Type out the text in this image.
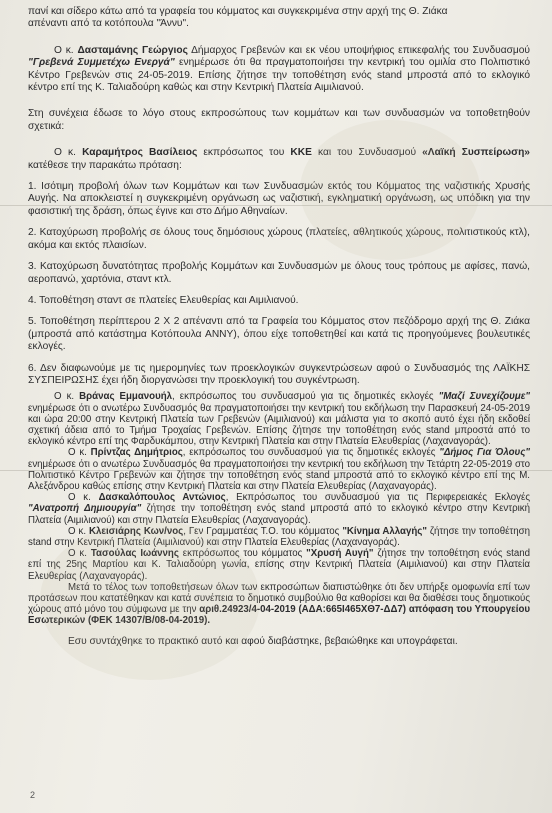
πανί και σίδερο κάτω από τα γραφεία του κόμματος και συγκεκριμένα στην αρχή της Θ. Ζιάκα

απέναντι από τα κοτόπουλα "Άννυ".

Ο κ. Δασταμάνης Γεώργιος Δήμαρχος Γρεβενών και εκ νέου υποψήφιος επικεφαλής του Συνδυασμού "Γρεβενά Συμμετέχω Ενεργά" ενημέρωσε ότι θα πραγματοποιήσει την κεντρική του ομιλία στο Πολιτιστικό Κέντρο Γρεβενών στις 24-05-2019. Επίσης ζήτησε την τοποθέτηση ενός stand μπροστά από το εκλογικό κέντρο επί της Κ. Ταλιαδούρη καθώς και στην Κεντρική Πλατεία Αιμιλιανού.

Στη συνέχεια έδωσε το λόγο στους εκπροσώπους των κομμάτων και των συνδυασμών να τοποθετηθούν σχετικά:

Ο κ. Καραμήτρος Βασίλειος εκπρόσωπος του ΚΚΕ και του Συνδυασμού «Λαϊκή Συσπείρωση» κατέθεσε την παρακάτω πρόταση:

1. Ισότιμη προβολή όλων των Κομμάτων και των Συνδυασμών εκτός του Κόμματος της ναζιστικής Χρυσής Αυγής. Να αποκλειστεί η συγκεκριμένη οργάνωση ως ναζιστική, εγκληματική οργάνωση, ως υπόδικη για την φασιστική της δράση, όπως έγινε και στο Δήμο Αθηναίων.

2. Κατοχύρωση προβολής σε όλους τους δημόσιους χώρους (πλατείες, αθλητικούς χώρους, πολιτιστικούς κτλ), ακόμα και εκτός πλαισίων.

3. Κατοχύρωση δυνατότητας προβολής Κομμάτων και Συνδυασμών με όλους τους τρόπους με αφίσες, πανώ, αεροπανώ, χαρτόνια, σταντ κτλ.

4. Τοποθέτηση σταντ σε πλατείες Ελευθερίας και Αιμιλιανού.

5. Τοποθέτηση περίπτερου 2 Χ 2 απέναντι από τα Γραφεία του Κόμματος στον πεζόδρομο αρχή της Θ. Ζιάκα (μπροστά από κατάστημα Κοτόπουλα ΑΝΝΥ), όπου είχε τοποθετηθεί και κατά τις προηγούμενες βουλευτικές εκλογές.

6. Δεν διαφωνούμε με τις ημερομηνίες των προεκλογικών συγκεντρώσεων αφού ο Συνδυασμός της ΛΑΪΚΗΣ ΣΥΣΠΕΙΡΩΣΗΣ έχει ήδη διοργανώσει την προεκλογική του συγκέντρωση.

Ο κ. Βράνας Εμμανουήλ, εκπρόσωπος του συνδυασμού για τις δημοτικές εκλογές "Μαζί Συνεχίζουμε" ενημέρωσε ότι ο ανωτέρω Συνδυασμός θα πραγματοποιήσει την κεντρική του εκδήλωση την Παρασκευή 24-05-2019 και ώρα 20:00 στην Κεντρική Πλατεία των Γρεβενών (Αιμιλιανού) και μάλιστα για το σκοπό αυτό έχει ήδη εκδοθεί σχετική άδεια από το Τμήμα Τροχαίας Γρεβενών. Επίσης ζήτησε την τοποθέτηση ενός stand μπροστά από το εκλογικό κέντρο επί της Φαρδυκάμπου, στην Κεντρική Πλατεία και στην Πλατεία Ελευθερίας (Λαχαναγοράς).

Ο κ. Πρίντζας Δημήτριος, εκπρόσωπος του συνδυασμού για τις δημοτικές εκλογές "Δήμος Για Όλους" ενημέρωσε ότι ο ανωτέρω Συνδυασμός θα πραγματοποιήσει την κεντρική του εκδήλωση την Τετάρτη 22-05-2019 στο Πολιτιστικό Κέντρο Γρεβενών και ζήτησε την τοποθέτηση ενός stand μπροστά από το εκλογικό κέντρο επί της Μ. Αλεξάνδρου καθώς επίσης στην Κεντρική Πλατεία και στην Πλατεία Ελευθερίας (Λαχαναγοράς).

Ο κ. Δασκαλόπουλος Αντώνιος, Εκπρόσωπος του συνδυασμού για τις Περιφερειακές Εκλογές "Ανατροπή Δημιουργία" ζήτησε την τοποθέτηση ενός stand μπροστά από το εκλογικό κέντρο στην Κεντρική Πλατεία (Αιμιλιανού) και στην Πλατεία Ελευθερίας (Λαχαναγοράς).

Ο κ. Κλεισιάρης Κων/νος, Γεν Γραμματέας Τ.Ο. του κόμματος "Κίνημα Αλλαγής" ζήτησε την τοποθέτηση stand στην Κεντρική Πλατεία (Αιμιλιανού) και στην Πλατεία Ελευθερίας (Λαχαναγοράς).

Ο κ. Τασούλας Ιωάννης εκπρόσωπος του κόμματος "Χρυσή Αυγή" ζήτησε την τοποθέτηση ενός stand επί της 25ης Μαρτίου και Κ. Ταλιαδούρη γωνία, επίσης στην Κεντρική Πλατεία (Αιμιλιανού) και στην Πλατεία Ελευθερίας (Λαχαναγοράς).

Μετά το τέλος των τοποθετήσεων όλων των εκπροσώπων διαπιστώθηκε ότι δεν υπήρξε ομοφωνία επί των προτάσεων που κατατέθηκαν και κατά συνέπεια το δημοτικό συμβούλιο θα καθορίσει και θα διαθέσει τους δημοτικούς χώρους από μόνο του σύμφωνα με την αριθ.24923/4-04-2019 (ΑΔΑ:665Ι465ΧΘ7-ΔΔ7) απόφαση του Υπουργείου Εσωτερικών (ΦΕΚ 14307/Β/08-04-2019).

Εσυ συντάχθηκε το πρακτικό αυτό και αφού διαβάστηκε, βεβαιώθηκε και υπογράφεται.

2
